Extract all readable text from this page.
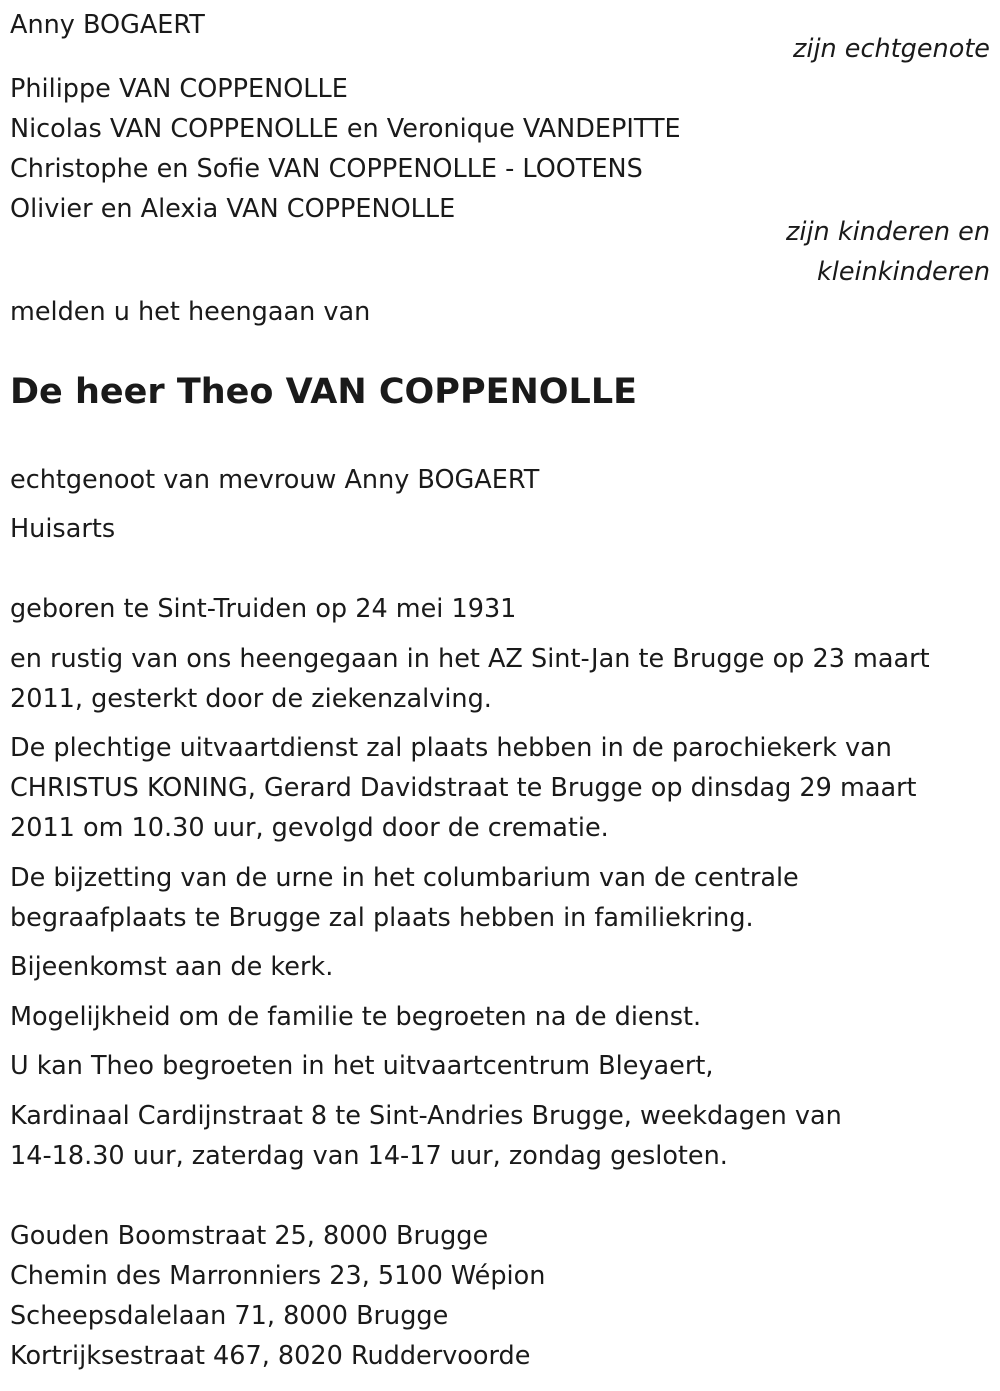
Anny BOGAERT
zijn echtgenote
Philippe VAN COPPENOLLE
Nicolas VAN COPPENOLLE en Veronique VANDEPITTE
Christophe en Sofie VAN COPPENOLLE - LOOTENS
Olivier en Alexia VAN COPPENOLLE
zijn kinderen en
kleinkinderen
melden u het heengaan van
De heer Theo VAN COPPENOLLE
echtgenoot van mevrouw Anny BOGAERT
Huisarts
geboren te Sint-Truiden op 24 mei 1931
en rustig van ons heengegaan in het AZ Sint-Jan te Brugge op 23 maart
2011, gesterkt door de ziekenzalving.
De plechtige uitvaartdienst zal plaats hebben in de parochiekerk van
CHRISTUS KONING, Gerard Davidstraat te Brugge op dinsdag 29 maart
2011 om 10.30 uur, gevolgd door de crematie.
De bijzetting van de urne in het columbarium van de centrale
begraafplaats te Brugge zal plaats hebben in familiekring.
Bijeenkomst aan de kerk.
Mogelijkheid om de familie te begroeten na de dienst.
U kan Theo begroeten in het uitvaartcentrum Bleyaert,
Kardinaal Cardijnstraat 8 te Sint-Andries Brugge, weekdagen van
14-18.30 uur, zaterdag van 14-17 uur, zondag gesloten.
Gouden Boomstraat 25, 8000 Brugge
Chemin des Marronniers 23, 5100 Wépion
Scheepsdalelaan 71, 8000 Brugge
Kortrijksestraat 467, 8020 Ruddervoorde
